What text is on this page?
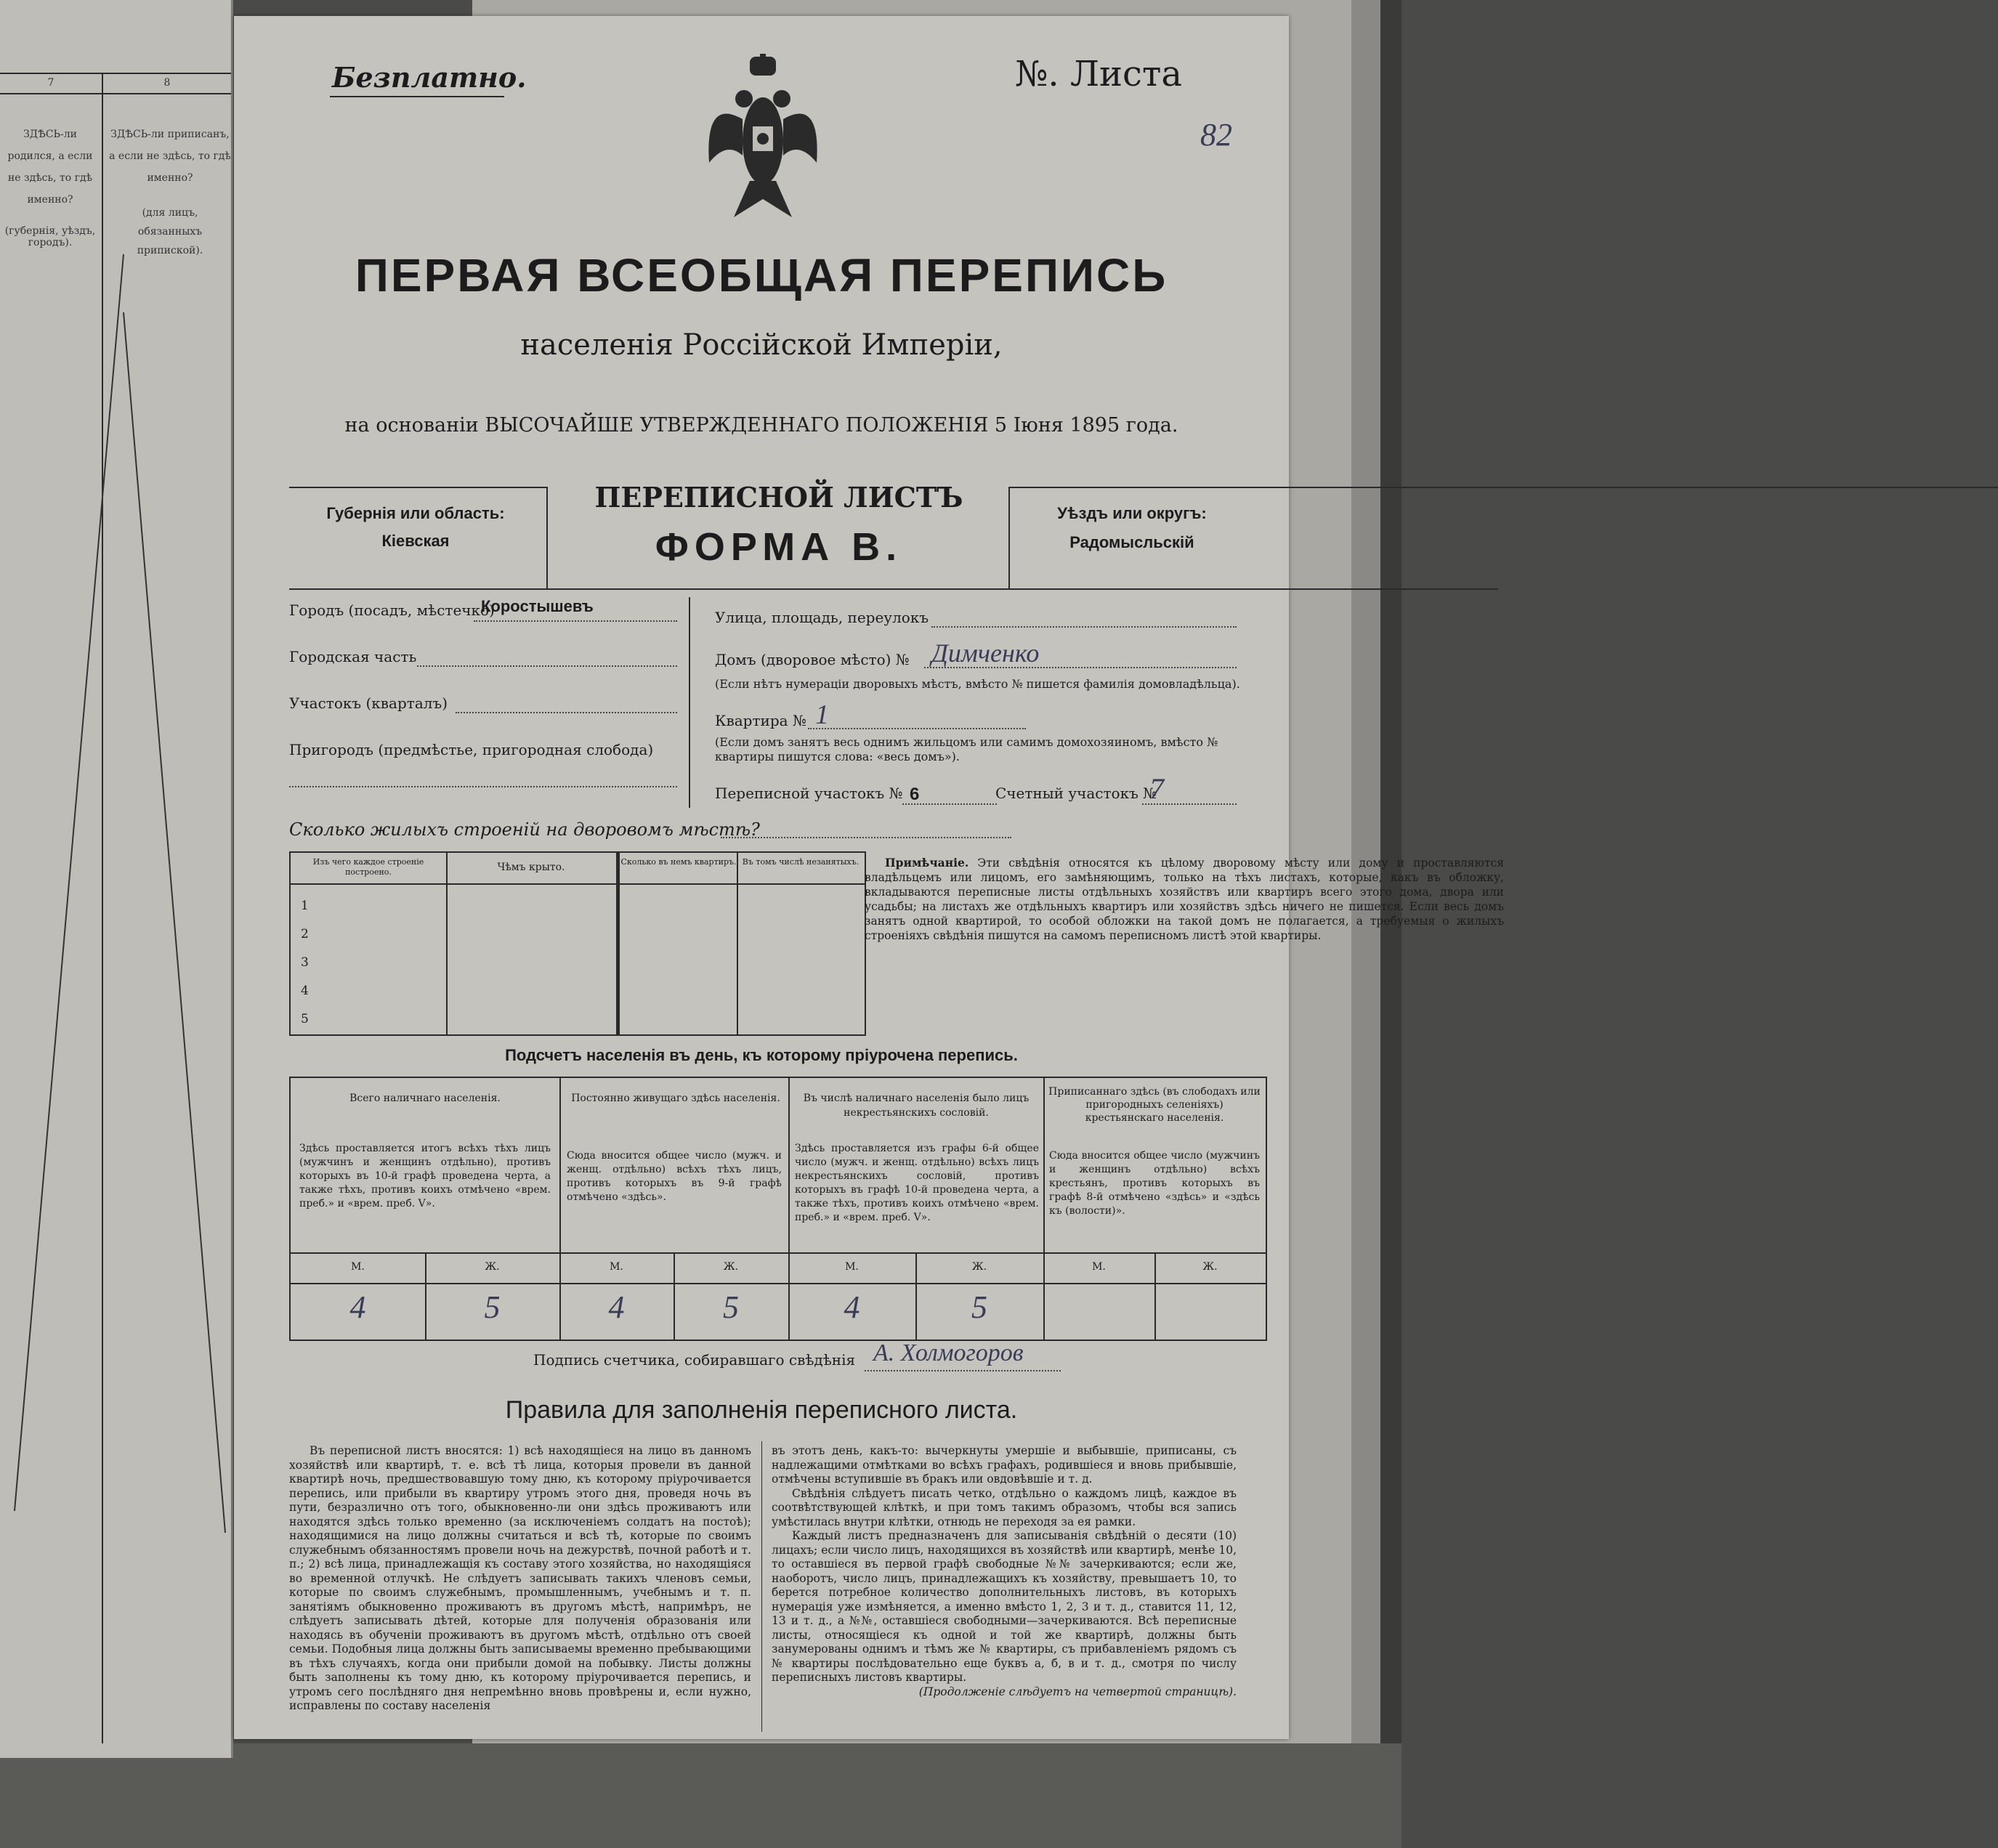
7	8
ЗДѢСЬ-ли родился, а если не здѣсь, то гдѣ именно?
(губернія, уѣздъ, городъ).
ЗДѢСЬ-ли приписанъ, а если не здѣсь, то гдѣ именно?
(для лицъ, обязанныхъ припиской).
Безплатно.	№. Листа
82
ПЕРВАЯ ВСЕОБЩАЯ ПЕРЕПИСЬ
населенія Россійской Имперіи,
на основаніи ВЫСОЧАЙШЕ УТВЕРЖДЕННАГО ПОЛОЖЕНІЯ 5 Іюня 1895 года.
Губернія или область:
Кіевская
ПЕРЕПИСНОЙ ЛИСТЪ
ФОРМА В.
Уѣздъ или округъ:
Радомысльскій
Городъ (посадъ, мѣстечко)
Коростышевъ
Городская часть
Участокъ (кварталъ)
Пригородъ (предмѣстье, пригородная слобода)
Улица, площадь, переулокъ
Домъ (дворовое мѣсто) № Димченко
(Если нѣтъ нумераціи дворовыхъ мѣстъ, вмѣсто № пишется фамилія домовладѣльца).
Квартира № 1
(Если домъ занятъ весь однимъ жильцомъ или самимъ домохозяиномъ, вмѣсто № квартиры пишутся слова: «весь домъ»).
Переписной участокъ № 6	Счетный участокъ №
7
Сколько жилыхъ строеній на дворовомъ мѣстѣ?
Изъ чего каждое строеніе построено.	Чѣмъ крыто.	Сколько въ немъ квартиръ. Въ томъ числѣ незанятыхъ.
1
2
3
4
5
Примѣчаніе. Эти свѣдѣнія относятся къ цѣлому дворовому мѣсту или дому и проставляются владѣльцемъ или лицомъ, его замѣняющимъ, только на тѣхъ листахъ, которые, какъ въ обложку, вкладываются переписные листы отдѣльныхъ хозяйствъ или квартиръ всего этого дома, двора или усадьбы; на листахъ же отдѣльныхъ квартиръ или хозяйствъ здѣсь ничего не пишется. Если весь домъ занятъ одной квартирой, то особой обложки на такой домъ не полагается, а требуемыя о жилыхъ строеніяхъ свѣдѣнія пишутся на самомъ переписномъ листѣ этой квартиры.
Подсчетъ населенія въ день, къ которому пріурочена перепись.
Всего наличнаго населенія.
Здѣсь проставляется итогъ всѣхъ тѣхъ лицъ (мужчинъ и женщинъ отдѣльно), противъ которыхъ въ 10-й графѣ проведена черта, а также тѣхъ, противъ коихъ отмѣчено «врем. преб.» и «врем. преб. V».
Постоянно живущаго здѣсь населенія.
Сюда вносится общее число (мужч. и женщ. отдѣльно) всѣхъ тѣхъ лицъ, противъ которыхъ въ 9-й графѣ отмѣчено «здѣсь».
Въ числѣ наличнаго населенія было лицъ некрестьянскихъ сословій.
Здѣсь проставляется изъ графы 6-й общее число (мужч. и женщ. отдѣльно) всѣхъ лицъ некрестьянскихъ сословій, противъ которыхъ въ графѣ 10-й проведена черта, а также тѣхъ, противъ коихъ отмѣчено «врем. преб.» и «врем. преб. V».
Приписаннаго здѣсь (въ слободахъ или пригородныхъ селеніяхъ) крестьянскаго населенія.
Сюда вносится общее число (мужчинъ и женщинъ отдѣльно) всѣхъ крестьянъ, противъ которыхъ въ графѣ 8-й отмѣчено «здѣсь» и «здѣсь къ (волости)».
М.	Ж.	М.	Ж.	М.	Ж.	М.	Ж.
4	5	4	5	4	5
Подпись счетчика, собиравшаго свѣдѣнія А. Холмогоров
Правила для заполненія переписного листа.
Въ переписной листъ вносятся: 1) всѣ находящіеся на лицо въ данномъ хозяйствѣ или квартирѣ, т. е. всѣ тѣ лица, которыя провели въ данной квартирѣ ночь, предшествовавшую тому дню, къ которому пріурочивается перепись, или прибыли въ квартиру утромъ этого дня, проведя ночь въ пути, безразлично отъ того, обыкновенно-ли они здѣсь проживаютъ или находятся здѣсь только временно (за исключеніемъ солдатъ на постоѣ); находящимися на лицо должны считаться и всѣ тѣ, которые по своимъ служебнымъ обязанностямъ провели ночь на дежурствѣ, почной работѣ и т. п.; 2) всѣ лица, принадлежащія къ составу этого хозяйства, но находящіяся во временной отлучкѣ. Не слѣдуетъ записывать такихъ членовъ семьи, которые по своимъ служебнымъ, промышленнымъ, учебнымъ и т. п. занятіямъ обыкновенно проживаютъ въ другомъ мѣстѣ, напримѣръ, не слѣдуетъ записывать дѣтей, которые для полученія образованія или находясь въ обученіи проживаютъ въ другомъ мѣстѣ, отдѣльно отъ своей семьи. Подобныя лица должны быть записываемы временно пребывающими въ тѣхъ случаяхъ, когда они прибыли домой на побывку. Листы должны быть заполнены къ тому дню, къ которому пріурочивается перепись, и утромъ сего послѣдняго дня непремѣнно вновь провѣрены и, если нужно, исправлены по составу населенія
въ этотъ день, какъ-то: вычеркнуты умершіе и выбывшіе, приписаны, съ надлежащими отмѣтками во всѣхъ графахъ, родившіеся и вновь прибывшіе, отмѣчены вступившіе въ бракъ или овдовѣвшіе и т. д.
Свѣдѣнія слѣдуетъ писать четко, отдѣльно о каждомъ лицѣ, каждое въ соотвѣтствующей клѣткѣ, и при томъ такимъ образомъ, чтобы вся запись умѣстилась внутри клѣтки, отнюдь не переходя за ея рамки.
Каждый листъ предназначенъ для записыванія свѣдѣній о десяти (10) лицахъ; если число лицъ, находящихся въ хозяйствѣ или квартирѣ, менѣе 10, то оставшіеся въ первой графѣ свободные №№ зачеркиваются; если же, наоборотъ, число лицъ, принадлежащихъ къ хозяйству, превышаетъ 10, то берется потребное количество дополнительныхъ листовъ, въ которыхъ нумерація уже измѣняется, а именно вмѣсто 1, 2, 3 и т. д., ставится 11, 12, 13 и т. д., а №№, оставшіеся свободными—зачеркиваются. Всѣ переписные листы, относящіеся къ одной и той же квартирѣ, должны быть занумерованы однимъ и тѣмъ же № квартиры, съ прибавленіемъ рядомъ съ № квартиры послѣдовательно еще буквъ а, б, в и т. д., смотря по числу переписныхъ листовъ квартиры.
(Продолженіе слѣдуетъ на четвертой страницѣ).
